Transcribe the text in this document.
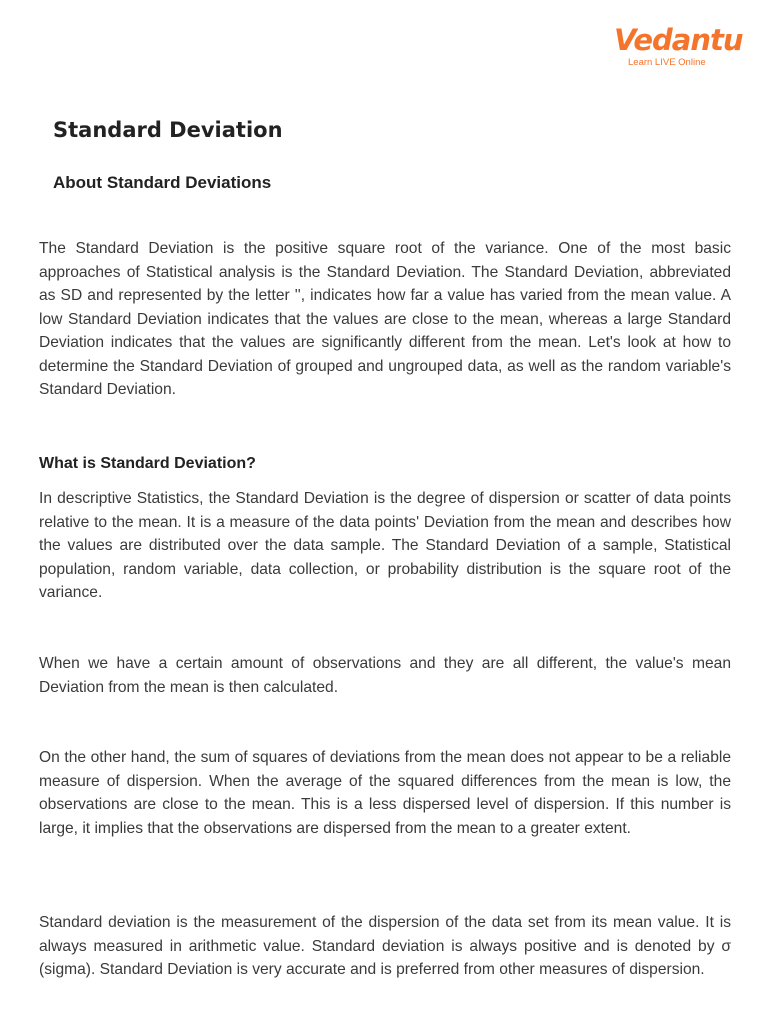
Vedantu
Learn LIVE Online
Standard Deviation
About Standard Deviations

The Standard Deviation is the positive square root of the variance. One of the most basic approaches of Statistical analysis is the Standard Deviation. The Standard Deviation, abbreviated as SD and represented by the letter '', indicates how far a value has varied from the mean value. A low Standard Deviation indicates that the values are close to the mean, whereas a large Standard Deviation indicates that the values are significantly different from the mean. Let's look at how to determine the Standard Deviation of grouped and ungrouped data, as well as the random variable's Standard Deviation.

What is Standard Deviation?

In descriptive Statistics, the Standard Deviation is the degree of dispersion or scatter of data points relative to the mean. It is a measure of the data points' Deviation from the mean and describes how the values are distributed over the data sample. The Standard Deviation of a sample, Statistical population, random variable, data collection, or probability distribution is the square root of the variance.

When we have a certain amount of observations and they are all different, the value's mean Deviation from the mean is then calculated.

On the other hand, the sum of squares of deviations from the mean does not appear to be a reliable measure of dispersion. When the average of the squared differences from the mean is low, the observations are close to the mean. This is a less dispersed level of dispersion. If this number is large, it implies that the observations are dispersed from the mean to a greater extent.

Standard deviation is the measurement of the dispersion of the data set from its mean value. It is always measured in arithmetic value. Standard deviation is always positive and is denoted by σ (sigma). Standard Deviation is very accurate and is preferred from other measures of dispersion.
